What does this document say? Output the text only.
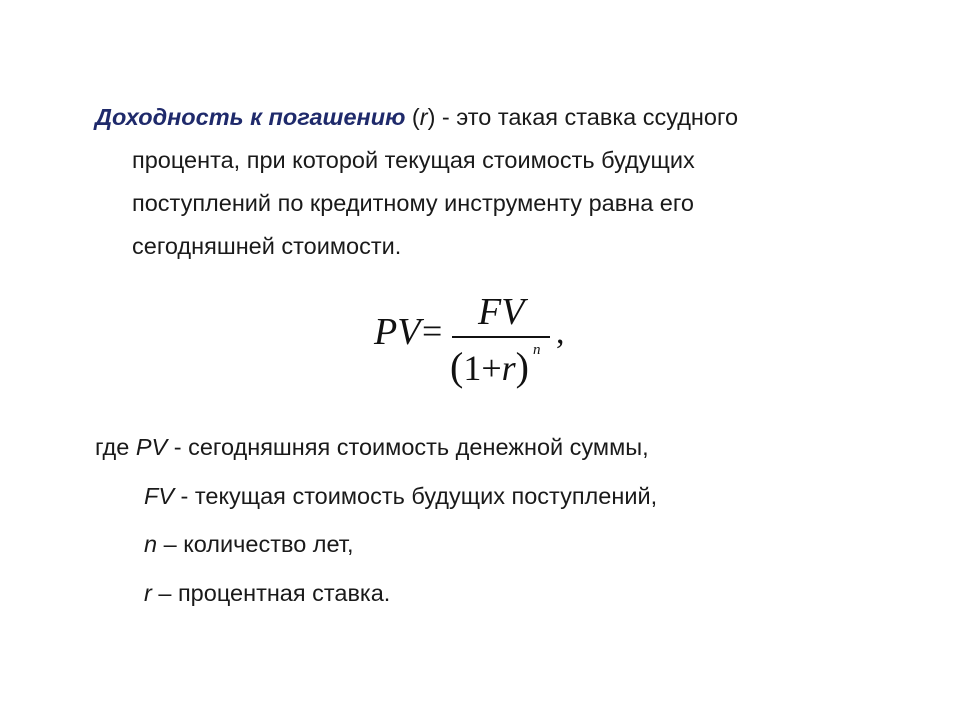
Доходность к погашению (r) - это такая ставка ссудного
процента, при которой текущая стоимость будущих
поступлений по кредитному инструменту равна его
сегодняшней стоимости.
PV = FV
(1+r) n ,
где PV - сегодняшняя стоимость денежной суммы,
FV - текущая стоимость будущих поступлений,
n – количество лет,
r – процентная ставка.
